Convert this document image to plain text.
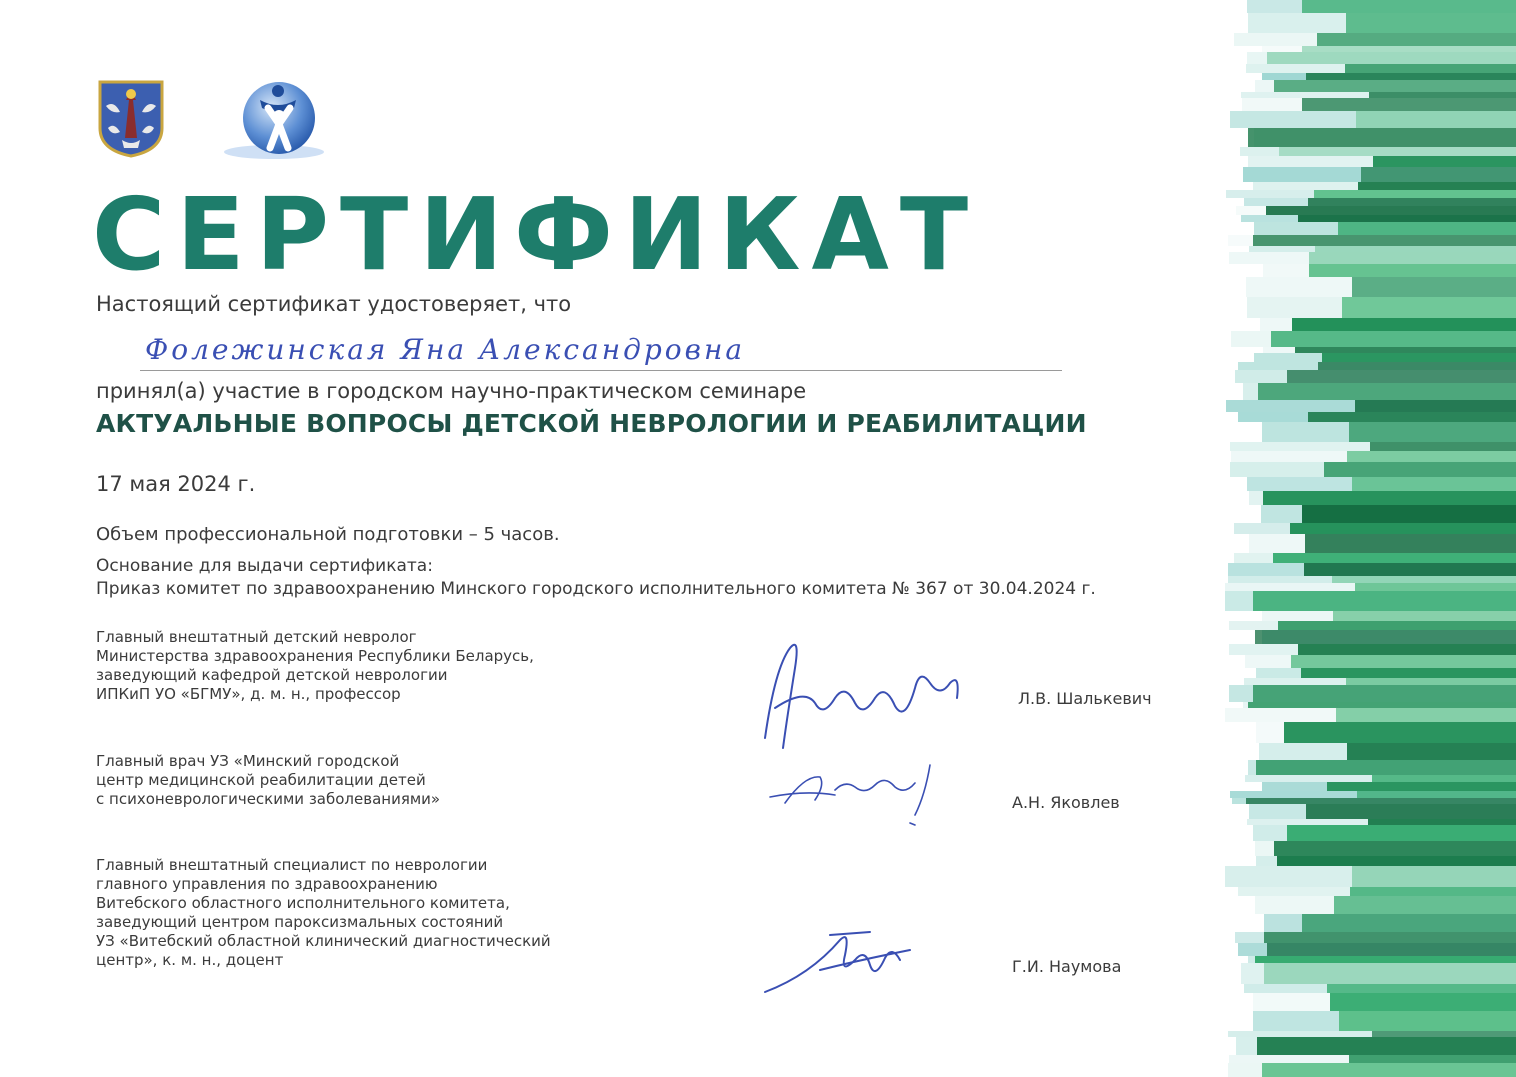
СЕРТИФИКАТ
Настоящий сертификат удостоверяет, что
Фолежинская Яна Александровна
принял(а) участие в городском научно-практическом семинаре
АКТУАЛЬНЫЕ ВОПРОСЫ ДЕТСКОЙ НЕВРОЛОГИИ И РЕАБИЛИТАЦИИ
17 мая 2024 г.
Объем профессиональной подготовки – 5 часов.
Основание для выдачи сертификата:
Приказ комитет по здравоохранению Минского городского исполнительного комитета № 367 от 30.04.2024 г.
Главный внештатный детский невролог
Министерства здравоохранения Республики Беларусь,
заведующий кафедрой детской неврологии
ИПКиП УО «БГМУ», д. м. н., профессор
Главный врач УЗ «Минский городской
центр медицинской реабилитации детей
с психоневрологическими заболеваниями»
Главный внештатный специалист по неврологии
главного управления по здравоохранению
Витебского областного исполнительного комитета,
заведующий центром пароксизмальных состояний
УЗ «Витебский областной клинический диагностический
центр», к. м. н., доцент
Л.В. Шалькевич
А.Н. Яковлев
Г.И. Наумова
